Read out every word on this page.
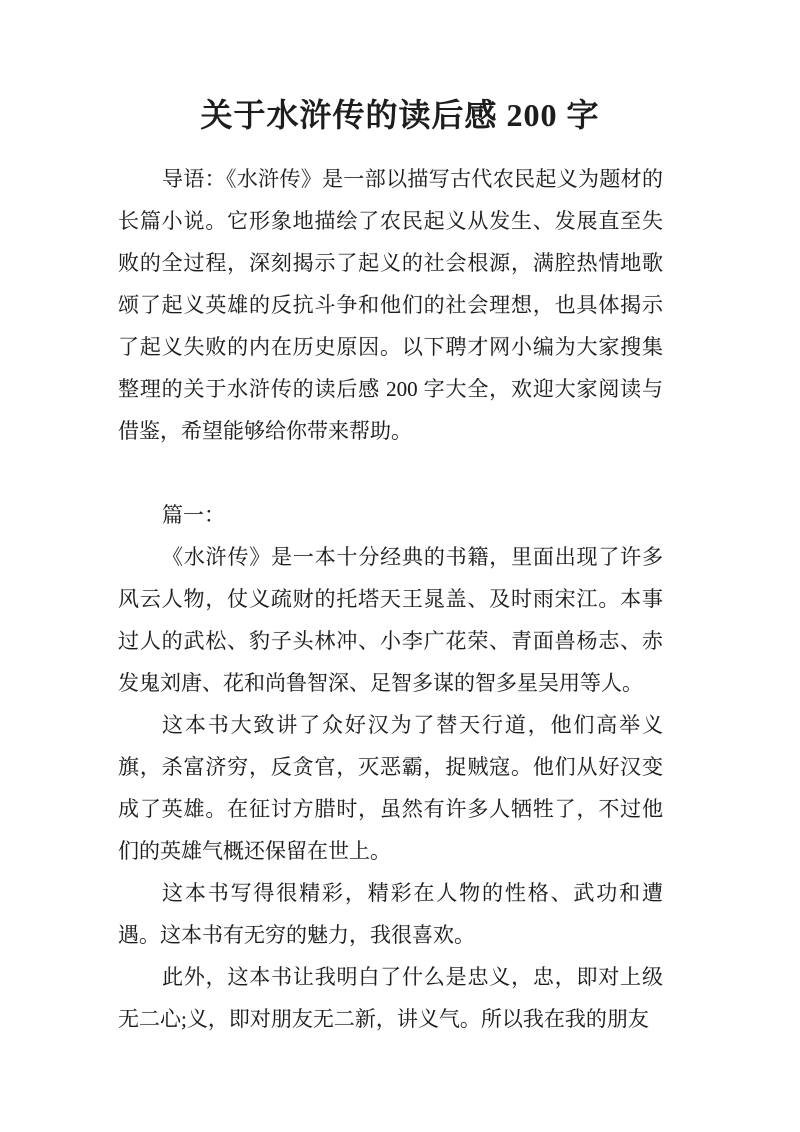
关于水浒传的读后感 200 字

导语：《水浒传》是一部以描写古代农民起义为题材的长篇小说。它形象地描绘了农民起义从发生、发展直至失败的全过程，深刻揭示了起义的社会根源，满腔热情地歌颂了起义英雄的反抗斗争和他们的社会理想，也具体揭示了起义失败的内在历史原因。以下聘才网小编为大家搜集整理的关于水浒传的读后感 200 字大全，欢迎大家阅读与借鉴，希望能够给你带来帮助。

篇一：

《水浒传》是一本十分经典的书籍，里面出现了许多风云人物，仗义疏财的托塔天王晁盖、及时雨宋江。本事过人的武松、豹子头林冲、小李广花荣、青面兽杨志、赤发鬼刘唐、花和尚鲁智深、足智多谋的智多星吴用等人。

这本书大致讲了众好汉为了替天行道，他们高举义旗，杀富济穷，反贪官，灭恶霸，捉贼寇。他们从好汉变成了英雄。在征讨方腊时，虽然有许多人牺牲了，不过他们的英雄气概还保留在世上。

这本书写得很精彩，精彩在人物的性格、武功和遭遇。这本书有无穷的魅力，我很喜欢。

此外，这本书让我明白了什么是忠义，忠，即对上级无二心;义，即对朋友无二新，讲义气。所以我在我的朋友
